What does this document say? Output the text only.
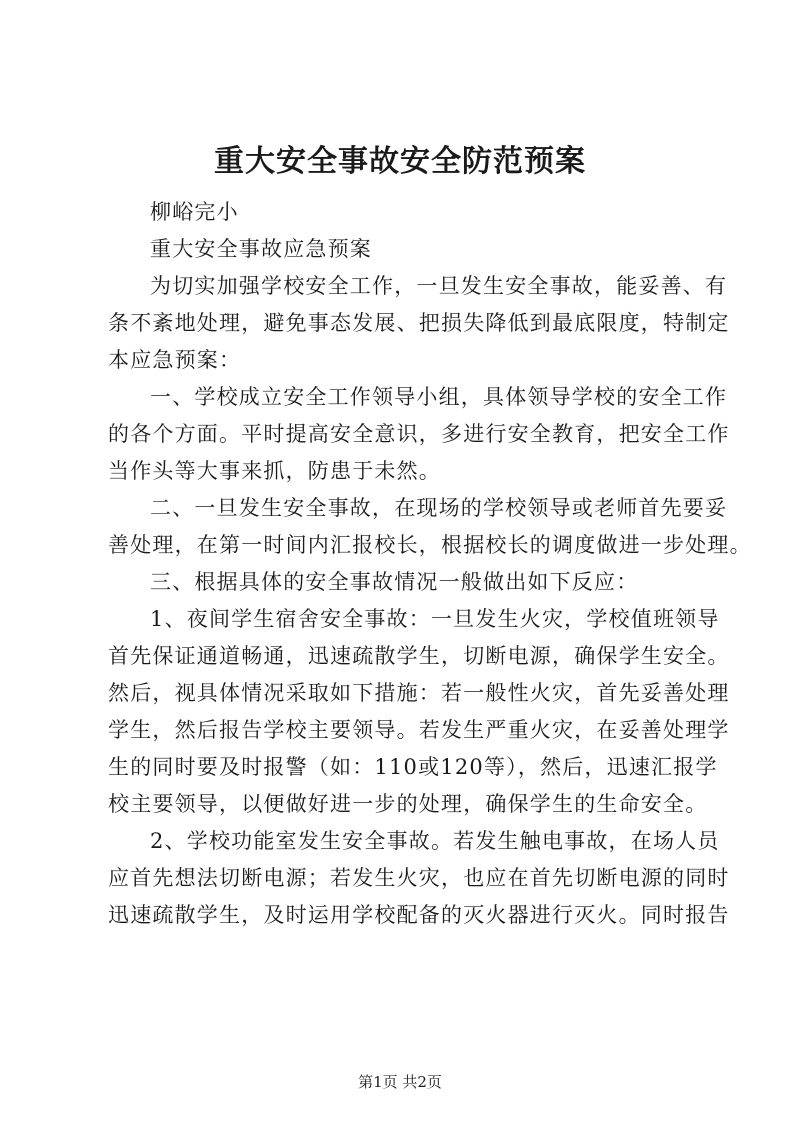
重大安全事故安全防范预案

柳峪完小

重大安全事故应急预案

为切实加强学校安全工作，一旦发生安全事故，能妥善、有

条不紊地处理，避免事态发展、把损失降低到最底限度，特制定

本应急预案：

一、学校成立安全工作领导小组，具体领导学校的安全工作

的各个方面。平时提高安全意识，多进行安全教育，把安全工作

当作头等大事来抓，防患于未然。

二、一旦发生安全事故，在现场的学校领导或老师首先要妥

善处理，在第一时间内汇报校长，根据校长的调度做进一步处理。

三、根据具体的安全事故情况一般做出如下反应：

1、夜间学生宿舍安全事故：一旦发生火灾，学校值班领导

首先保证通道畅通，迅速疏散学生，切断电源，确保学生安全。

然后，视具体情况采取如下措施：若一般性火灾，首先妥善处理

学生，然后报告学校主要领导。若发生严重火灾，在妥善处理学

生的同时要及时报警（如：110或120等），然后，迅速汇报学

校主要领导，以便做好进一步的处理，确保学生的生命安全。

2、学校功能室发生安全事故。若发生触电事故，在场人员

应首先想法切断电源；若发生火灾，也应在首先切断电源的同时

迅速疏散学生，及时运用学校配备的灭火器进行灭火。同时报告

第1页 共2页
